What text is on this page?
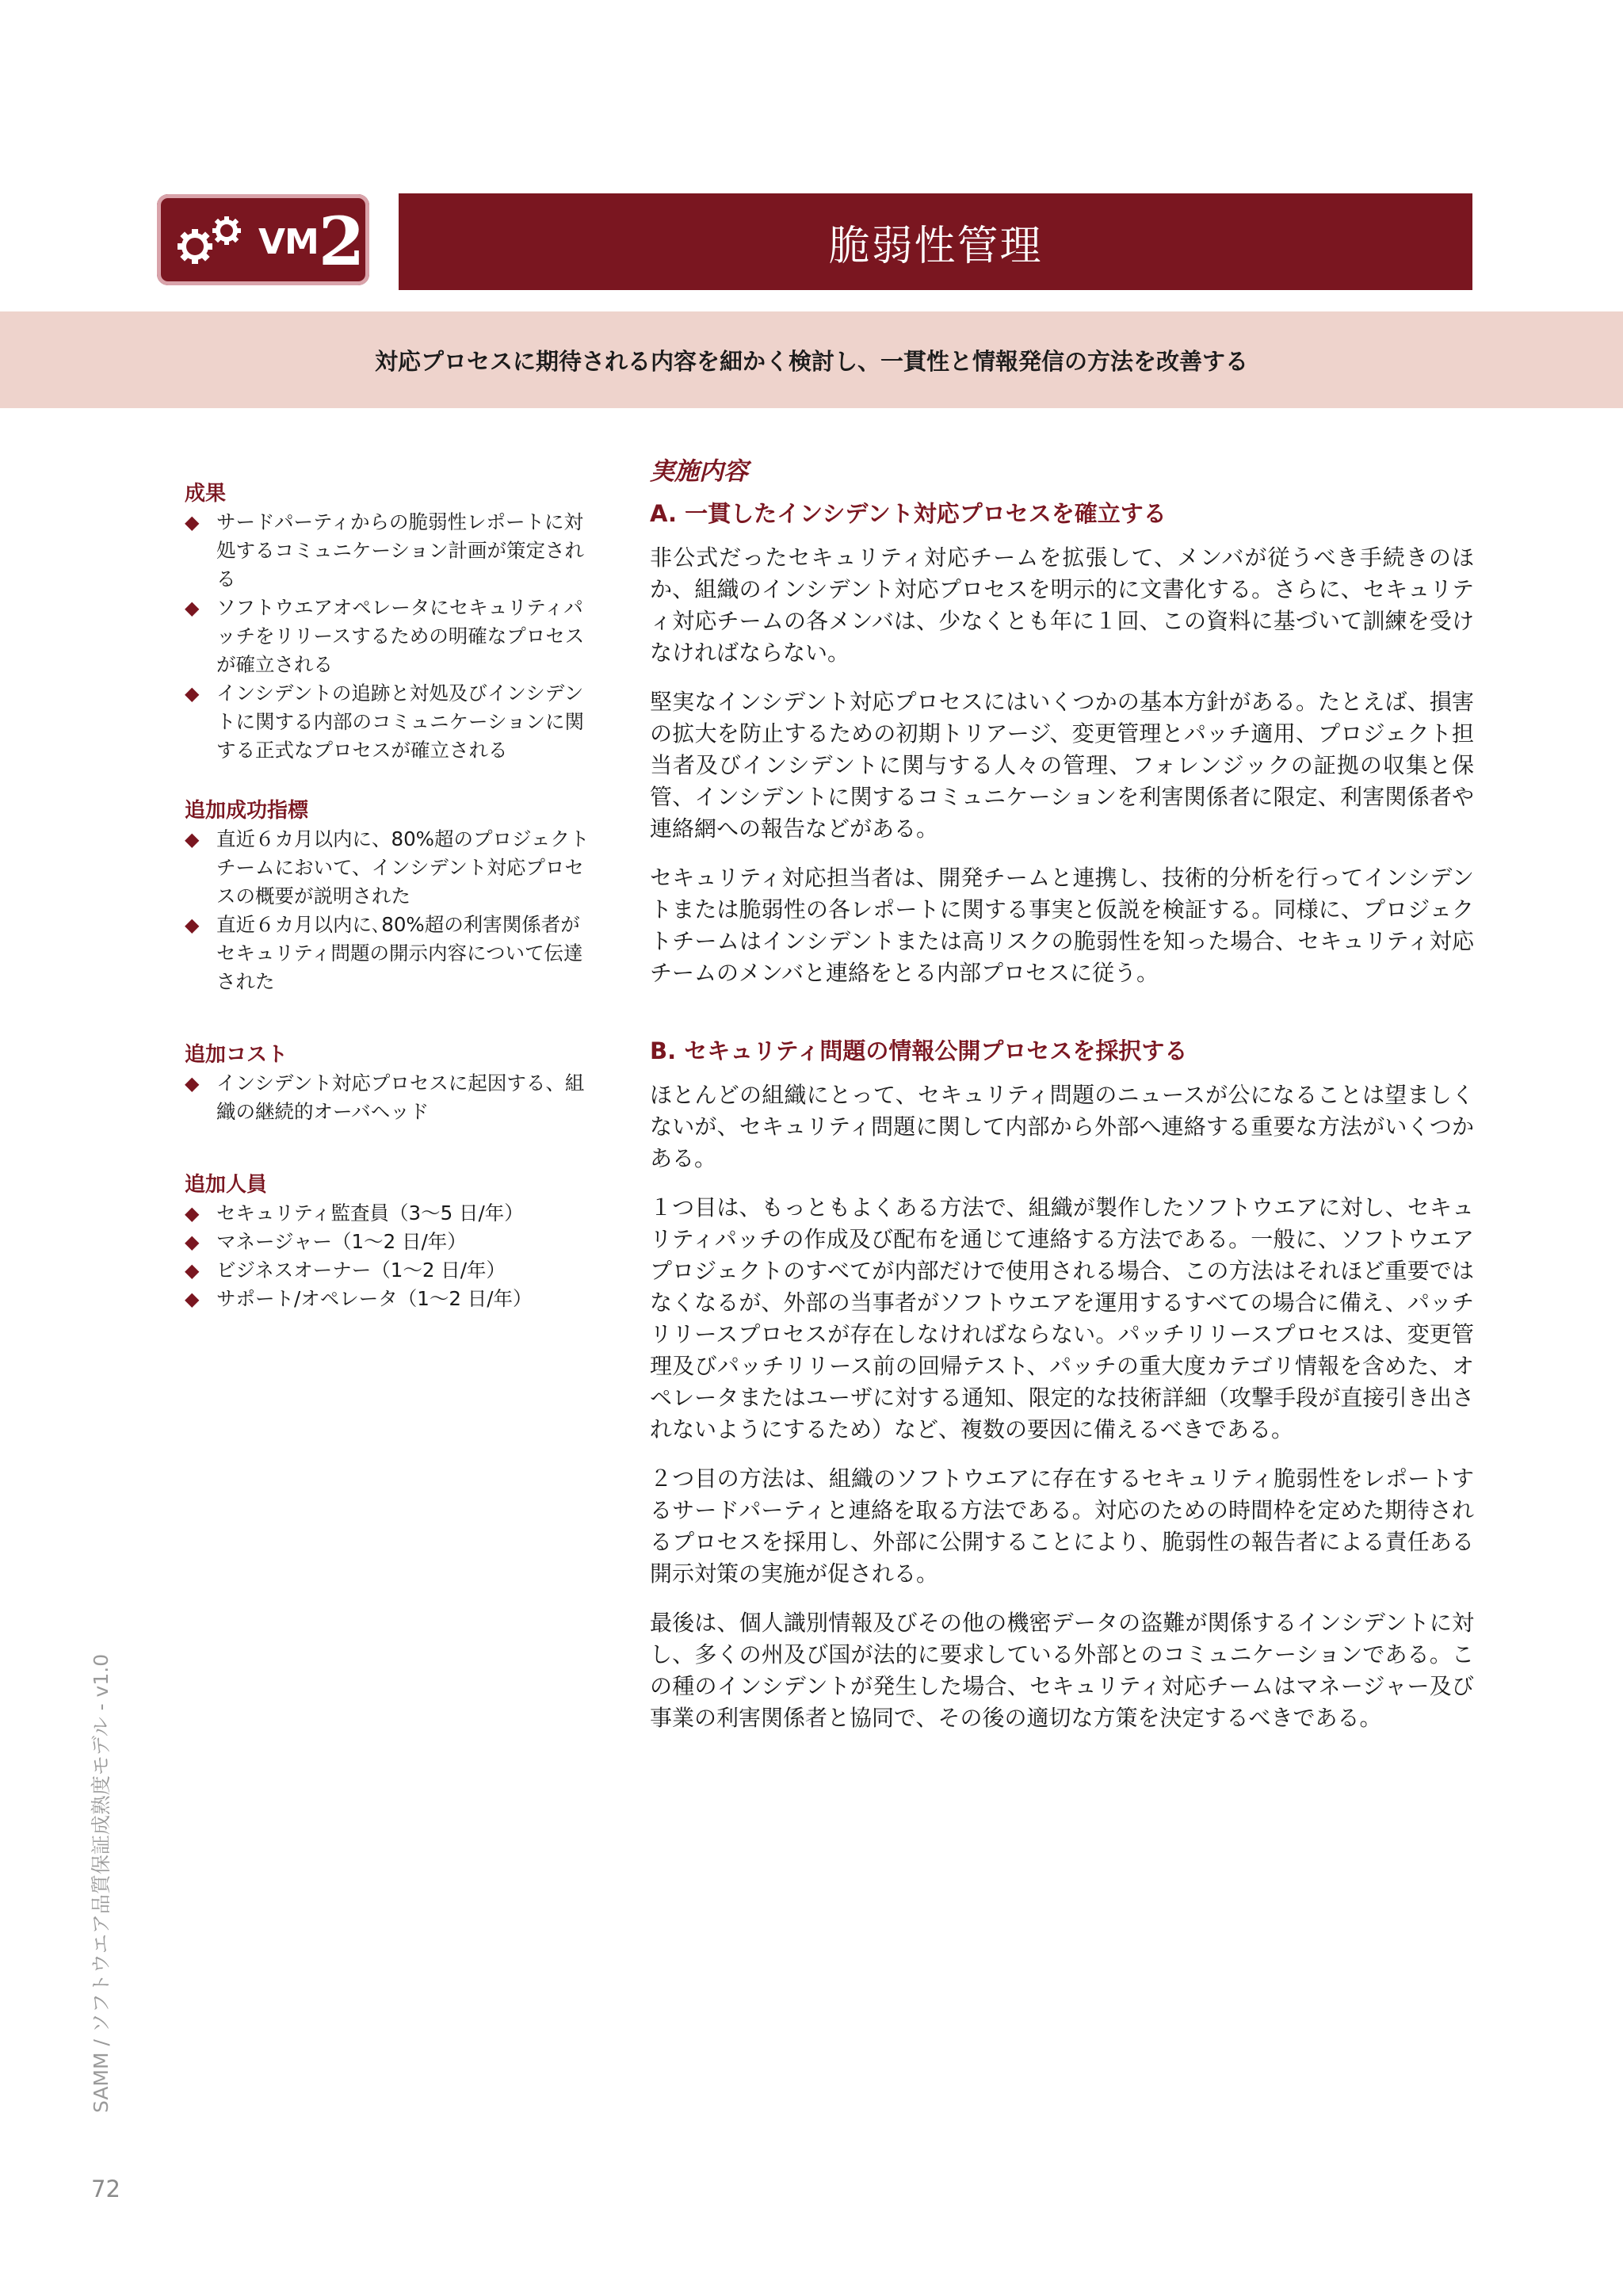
VM2	脆弱性管理
対応プロセスに期待される内容を細かく検討し、一貫性と情報発信の方法を改善する
成果
◆ サードパーティからの脆弱性レポートに対処するコミュニケーション計画が策定される
◆ ソフトウエアオペレータにセキュリティパッチをリリースするための明確なプロセスが確立される
◆ インシデントの追跡と対処及びインシデントに関する内部のコミュニケーションに関する正式なプロセスが確立される
追加成功指標
◆ 直近６カ月以内に、80%超のプロジェクトチームにおいて、インシデント対応プロセスの概要が説明された
◆ 直近６カ月以内に､80%超の利害関係者がセキュリティ問題の開示内容について伝達された
追加コスト
◆ インシデント対応プロセスに起因する、組織の継続的オーバヘッド
追加人員
◆ セキュリティ監査員（3〜5 日/年）
◆ マネージャー（1〜2 日/年）
◆ ビジネスオーナー（1〜2 日/年）
◆ サポート/オペレータ（1〜2 日/年）
実施内容
A. 一貫したインシデント対応プロセスを確立する

非公式だったセキュリティ対応チームを拡張して、メンバが従うべき手続きのほか、組織のインシデント対応プロセスを明示的に文書化する。さらに、セキュリティ対応チームの各メンバは、少なくとも年に１回、この資料に基づいて訓練を受けなければならない。

堅実なインシデント対応プロセスにはいくつかの基本方針がある。たとえば、損害の拡大を防止するための初期トリアージ、変更管理とパッチ適用、プロジェクト担当者及びインシデントに関与する人々の管理、フォレンジックの証拠の収集と保管、インシデントに関するコミュニケーションを利害関係者に限定、利害関係者や連絡網への報告などがある。

セキュリティ対応担当者は、開発チームと連携し、技術的分析を行ってインシデントまたは脆弱性の各レポートに関する事実と仮説を検証する。同様に、プロジェクトチームはインシデントまたは高リスクの脆弱性を知った場合、セキュリティ対応チームのメンバと連絡をとる内部プロセスに従う。

B. セキュリティ問題の情報公開プロセスを採択する

ほとんどの組織にとって、セキュリティ問題のニュースが公になることは望ましくないが、セキュリティ問題に関して内部から外部へ連絡する重要な方法がいくつかある。

１つ目は、もっともよくある方法で、組織が製作したソフトウエアに対し、セキュリティパッチの作成及び配布を通じて連絡する方法である。一般に、ソフトウエアプロジェクトのすべてが内部だけで使用される場合、この方法はそれほど重要ではなくなるが、外部の当事者がソフトウエアを運用するすべての場合に備え、パッチリリースプロセスが存在しなければならない。パッチリリースプロセスは、変更管理及びパッチリリース前の回帰テスト、パッチの重大度カテゴリ情報を含めた、オペレータまたはユーザに対する通知、限定的な技術詳細（攻撃手段が直接引き出されないようにするため）など、複数の要因に備えるべきである。

２つ目の方法は、組織のソフトウエアに存在するセキュリティ脆弱性をレポートするサードパーティと連絡を取る方法である。対応のための時間枠を定めた期待されるプロセスを採用し、外部に公開することにより、脆弱性の報告者による責任ある開示対策の実施が促される。

最後は、個人識別情報及びその他の機密データの盗難が関係するインシデントに対し、多くの州及び国が法的に要求している外部とのコミュニケーションである。この種のインシデントが発生した場合、セキュリティ対応チームはマネージャー及び事業の利害関係者と協同で、その後の適切な方策を決定するべきである。

SAMM / ソフトウエア品質保証成熟度モデル - v1.0
72
